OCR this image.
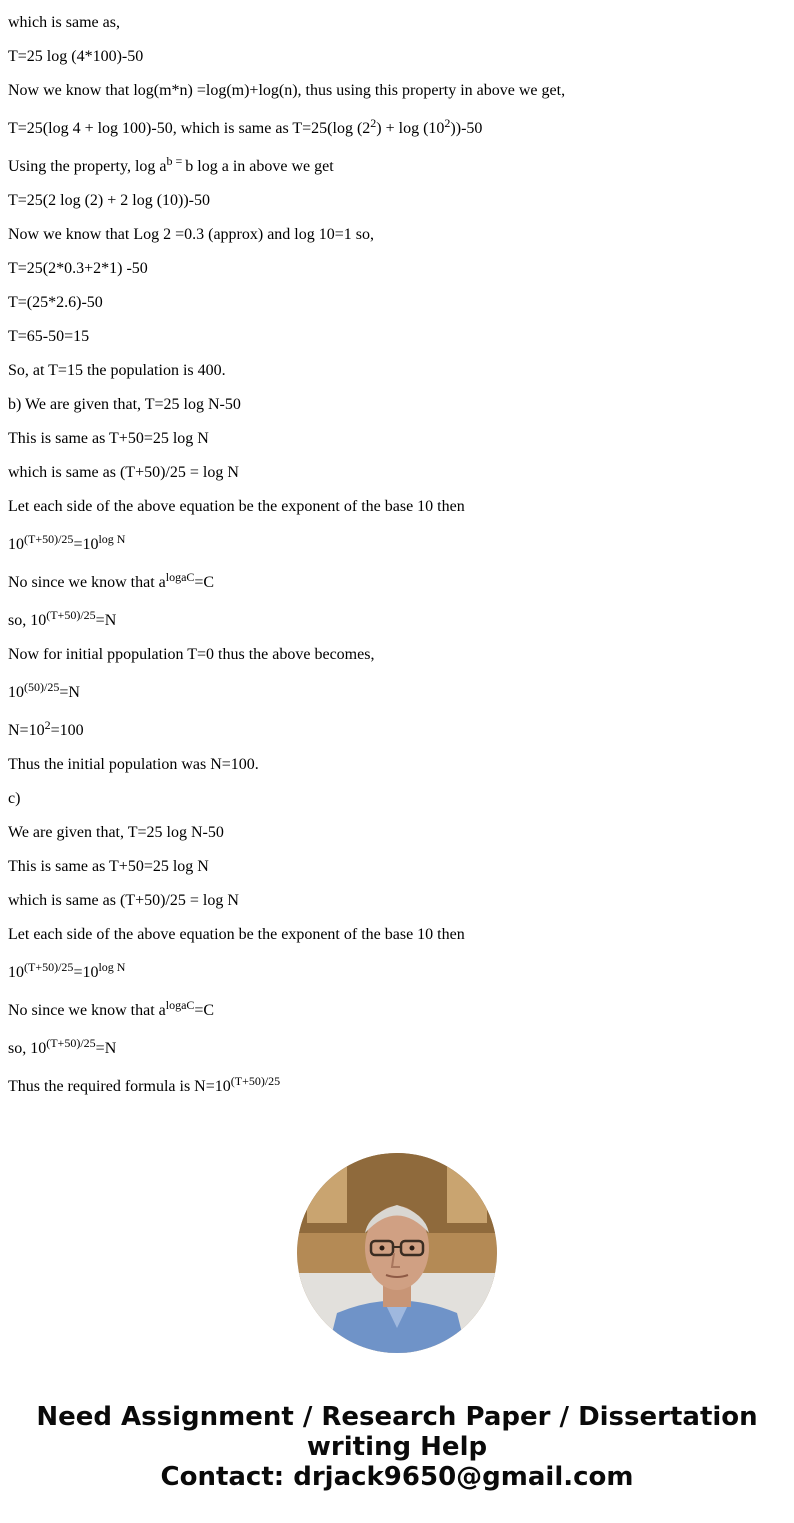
which is same as,
T=25 log (4*100)-50
Now we know that log(m*n) =log(m)+log(n), thus using this property in above we get,
T=25(log 4 + log 100)-50, which is same as T=25(log $(2^2) + \log (10^2))-50$
Using the property, $\log a^{b =}$ b log a in above we get
T=25(2 log (2) + 2 log (10))-50
Now we know that Log 2 =0.3 (approx) and log 10=1 so,
T=25(2*0.3+2*1) -50
T=(25*2.6)-50
T=65-50=15
So, at T=15 the population is 400.
b) We are given that, T=25 log N-50
This is same as T+50=25 log N
which is same as (T+50)/25 = log N
Let each side of the above equation be the exponent of the base 10 then
$10^{(T+50)/25}=10^{log N}$
No since we know that $a^{logaC}=C$
so, $10^{(T+50)/25}=N$
Now for initial ppopulation T=0 thus the above becomes,
$10^{(50)/25}=N$
$N=10^2=100$
Thus the initial population was N=100.
c)
We are given that, T=25 log N-50
This is same as T+50=25 log N
which is same as (T+50)/25 = log N
Let each side of the above equation be the exponent of the base 10 then
$10^{(T+50)/25}=10^{log N}$
No since we know that $a^{logaC}=C$
so, $10^{(T+50)/25}=N$
Thus the required formula is $N=10^{(T+50)/25}$
Need Assignment / Research Paper / Dissertation
writing Help
Contact: drjack9650@gmail.com
